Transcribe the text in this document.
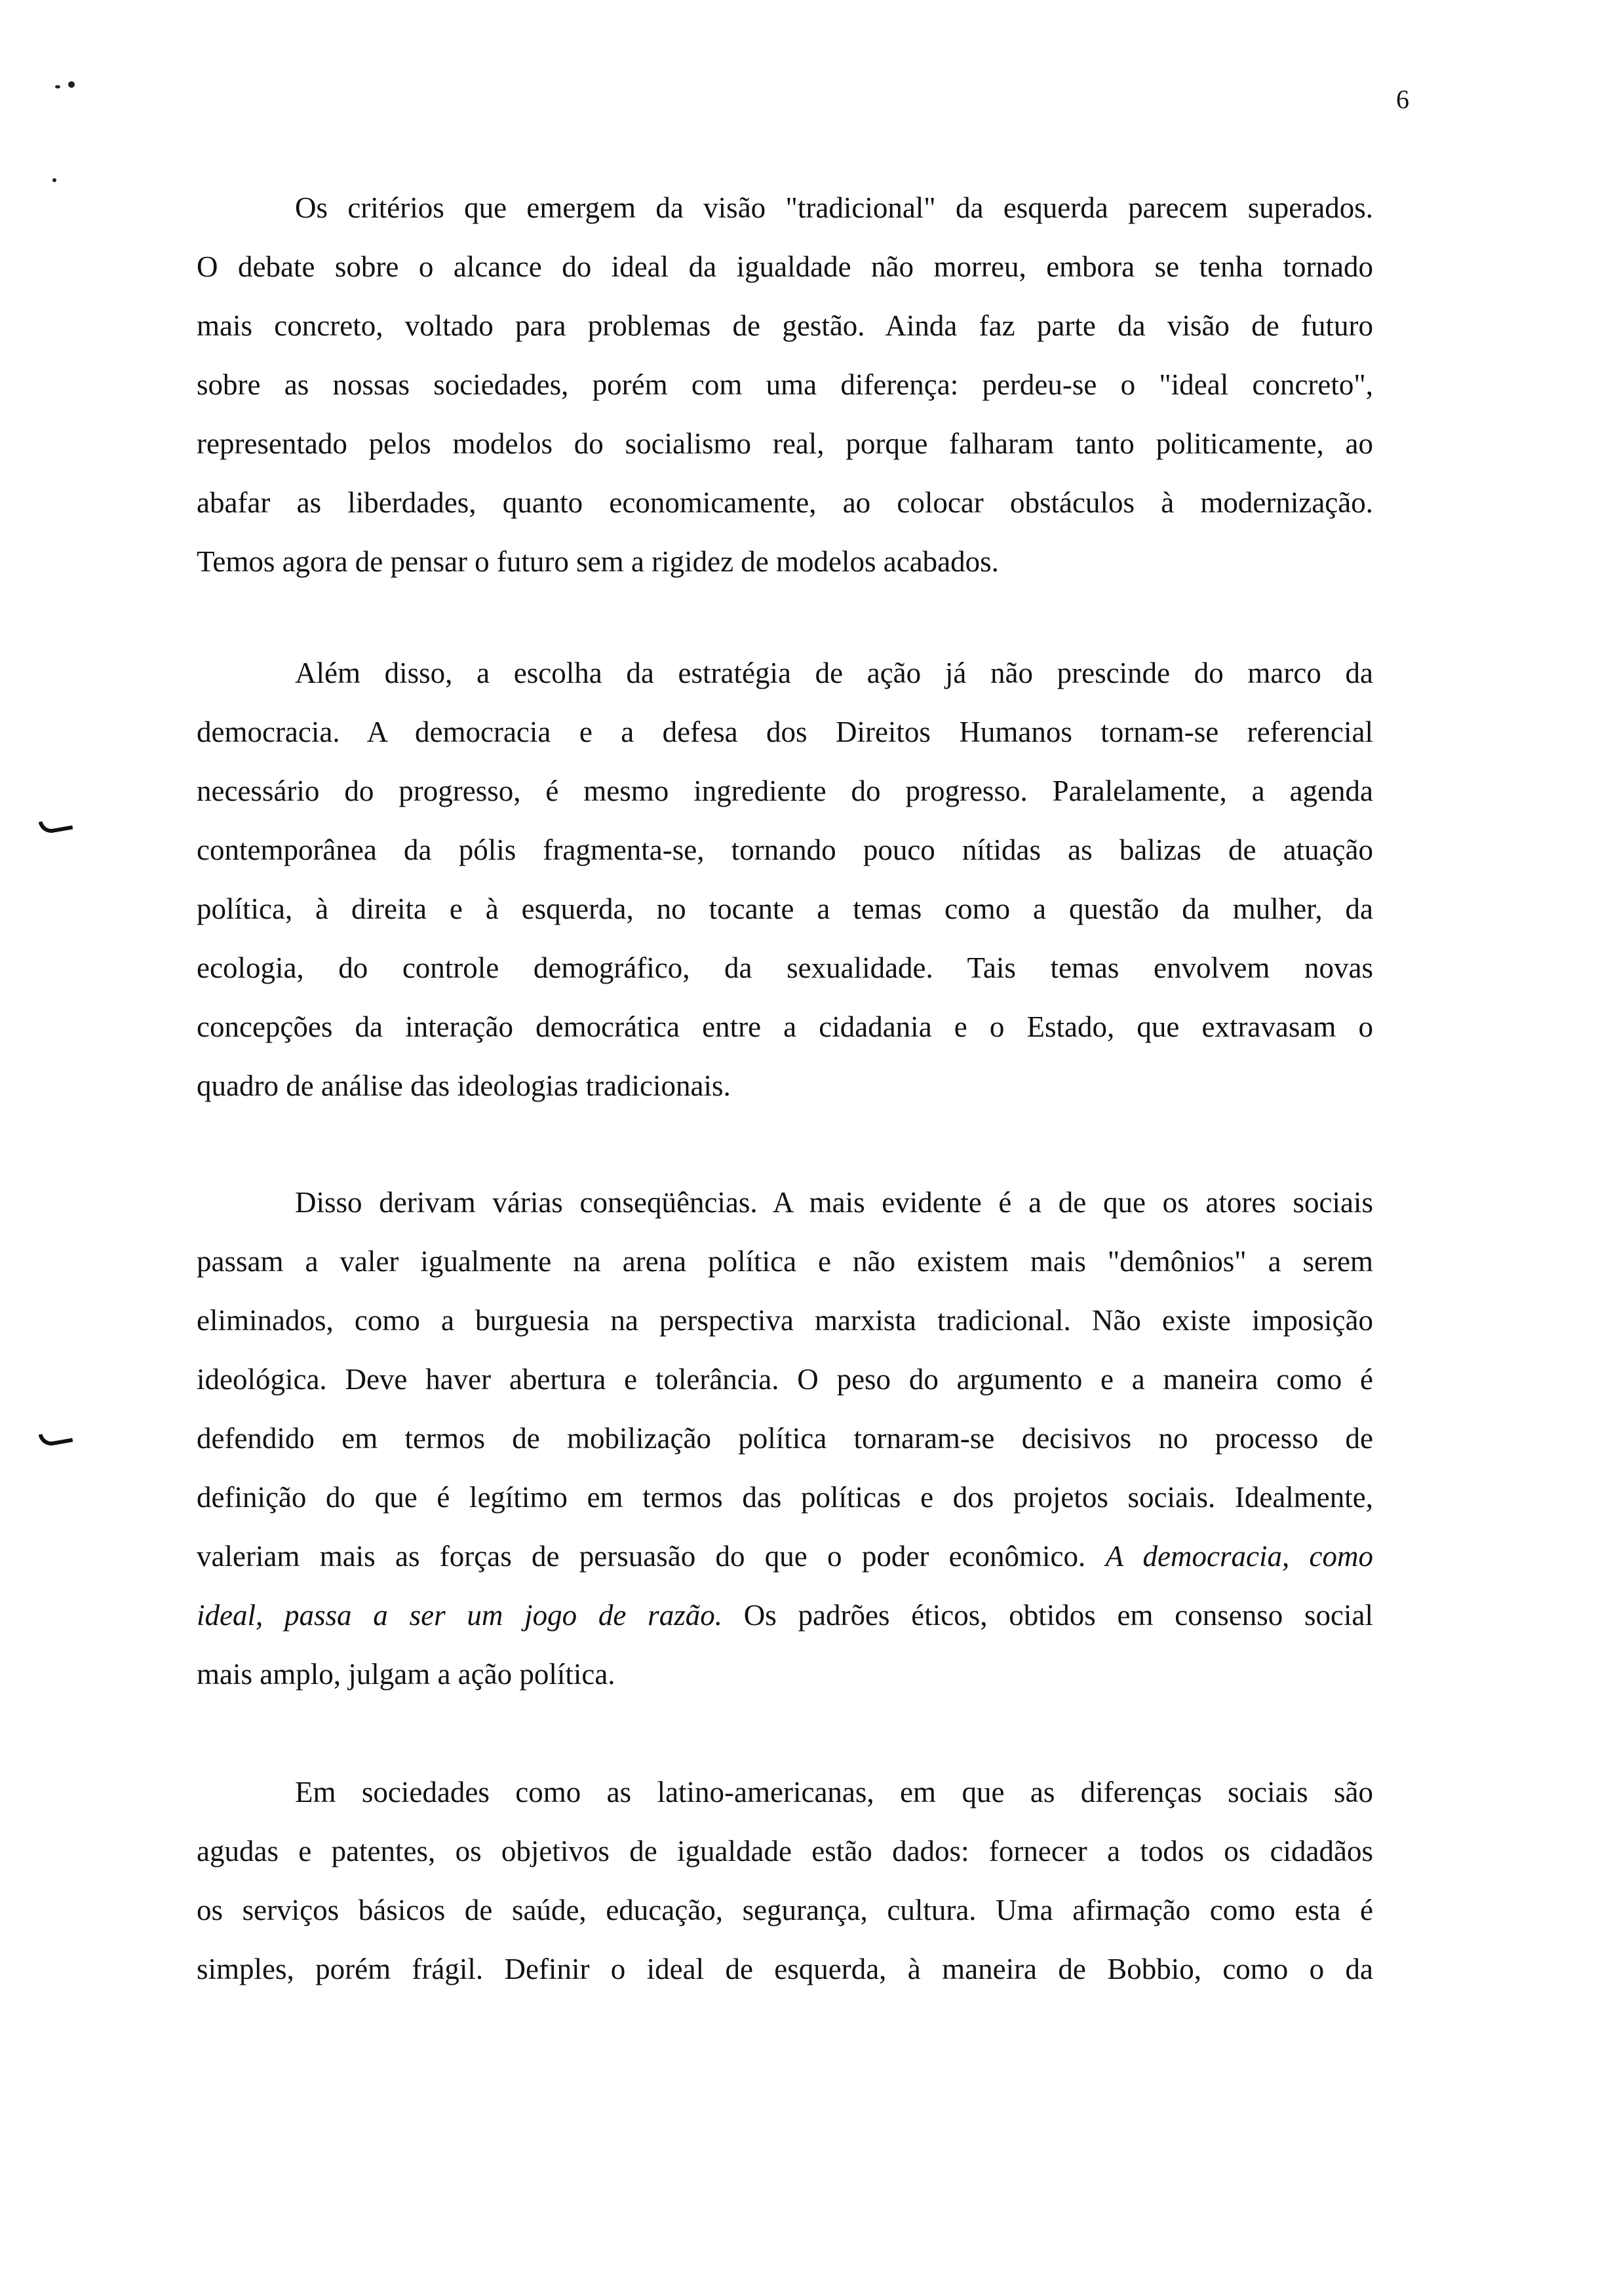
6
Os critérios que emergem da visão "tradicional" da esquerda parecem superados.
O debate sobre o alcance do ideal da igualdade não morreu, embora se tenha tornado
mais concreto, voltado para problemas de gestão. Ainda faz parte da visão de futuro
sobre as nossas sociedades, porém com uma diferença: perdeu-se o "ideal concreto",
representado pelos modelos do socialismo real, porque falharam tanto politicamente, ao
abafar as liberdades, quanto economicamente, ao colocar obstáculos à modernização.
Temos agora de pensar o futuro sem a rigidez de modelos acabados.
Além disso, a escolha da estratégia de ação já não prescinde do marco da
democracia. A democracia e a defesa dos Direitos Humanos tornam-se referencial
necessário do progresso, é mesmo ingrediente do progresso. Paralelamente, a agenda
contemporânea da pólis fragmenta-se, tornando pouco nítidas as balizas de atuação
política, à direita e à esquerda, no tocante a temas como a questão da mulher, da
ecologia, do controle demográfico, da sexualidade. Tais temas envolvem novas
concepções da interação democrática entre a cidadania e o Estado, que extravasam o
quadro de análise das ideologias tradicionais.
Disso derivam várias conseqüências. A mais evidente é a de que os atores sociais
passam a valer igualmente na arena política e não existem mais "demônios" a serem
eliminados, como a burguesia na perspectiva marxista tradicional. Não existe imposição
ideológica. Deve haver abertura e tolerância. O peso do argumento e a maneira como é
defendido em termos de mobilização política tornaram-se decisivos no processo de
definição do que é legítimo em termos das políticas e dos projetos sociais. Idealmente,
valeriam mais as forças de persuasão do que o poder econômico. A democracia, como
ideal, passa a ser um jogo de razão. Os padrões éticos, obtidos em consenso social
mais amplo, julgam a ação política.
Em sociedades como as latino-americanas, em que as diferenças sociais são
agudas e patentes, os objetivos de igualdade estão dados: fornecer a todos os cidadãos
os serviços básicos de saúde, educação, segurança, cultura. Uma afirmação como esta é
simples, porém frágil. Definir o ideal de esquerda, à maneira de Bobbio, como o da
